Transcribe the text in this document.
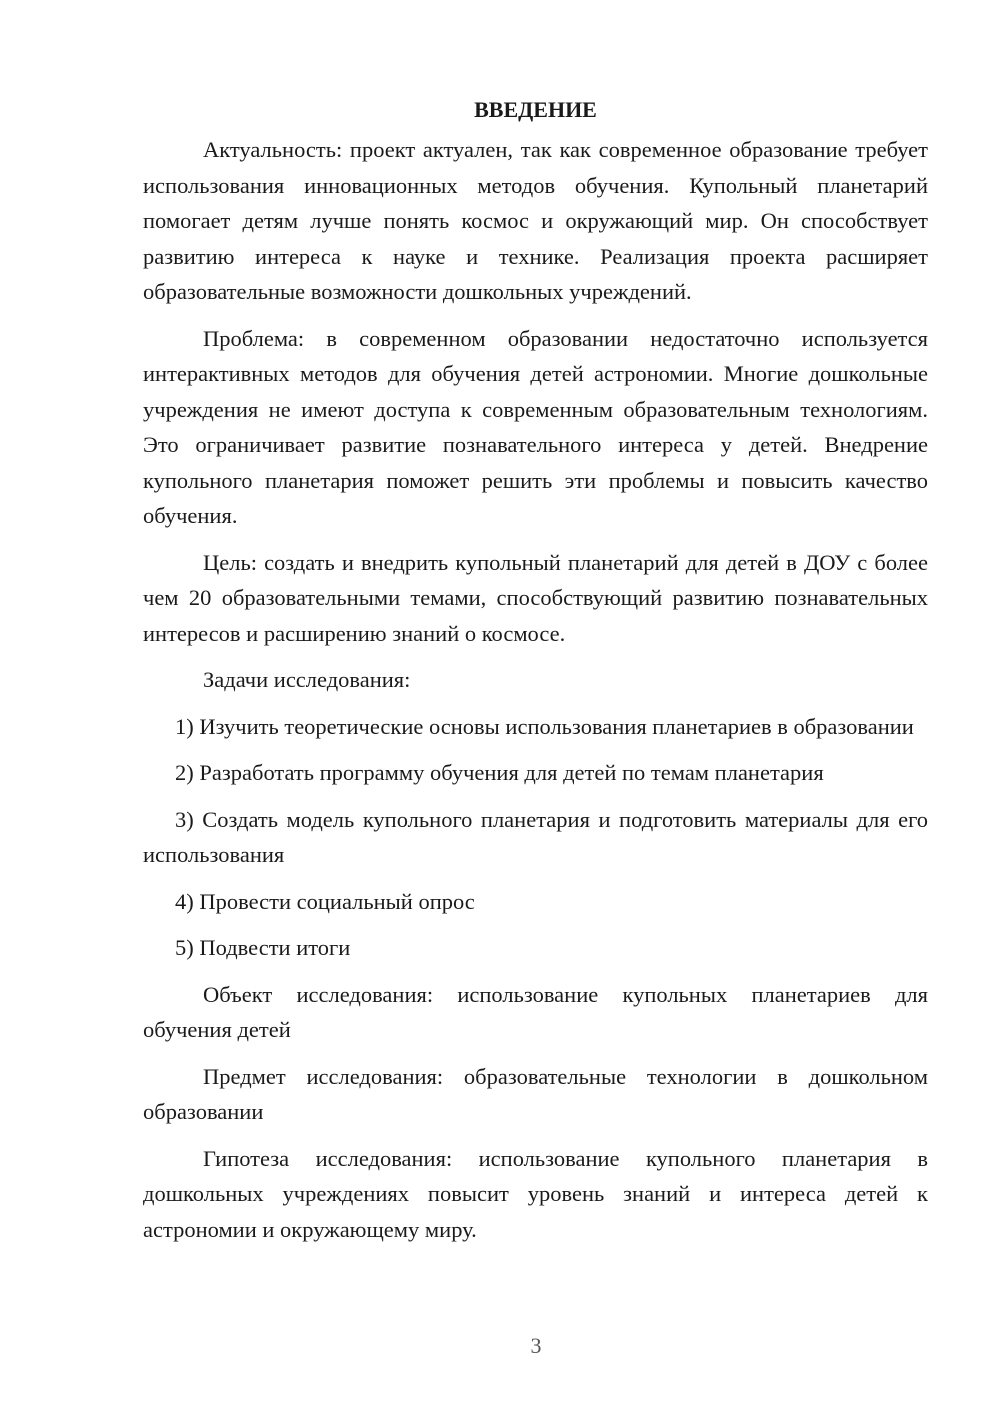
ВВЕДЕНИЕ

Актуальность: проект актуален, так как современное образование требует использования инновационных методов обучения. Купольный планетарий помогает детям лучше понять космос и окружающий мир. Он способствует развитию интереса к науке и технике. Реализация проекта расширяет образовательные возможности дошкольных учреждений.

Проблема: в современном образовании недостаточно используется интерактивных методов для обучения детей астрономии. Многие дошкольные учреждения не имеют доступа к современным образовательным технологиям. Это ограничивает развитие познавательного интереса у детей. Внедрение купольного планетария поможет решить эти проблемы и повысить качество обучения.

Цель: создать и внедрить купольный планетарий для детей в ДОУ с более чем 20 образовательными темами, способствующий развитию познавательных интересов и расширению знаний о космосе.

Задачи исследования:

1) Изучить теоретические основы использования планетариев в образовании

2) Разработать программу обучения для детей по темам планетария

3) Создать модель купольного планетария и подготовить материалы для его использования

4) Провести социальный опрос

5) Подвести итоги

Объект исследования: использование купольных планетариев для обучения детей

Предмет исследования: образовательные технологии в дошкольном образовании

Гипотеза исследования: использование купольного планетария в дошкольных учреждениях повысит уровень знаний и интереса детей к астрономии и окружающему миру.

3
